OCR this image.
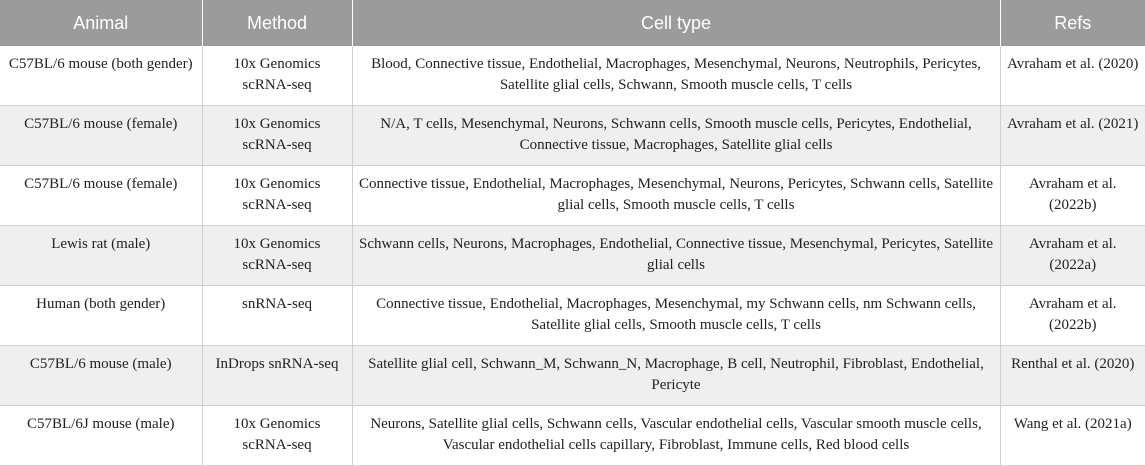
Animal	Method	Cell type	Refs
C57BL/6 mouse (both gender)	10x Genomics scRNA-seq	Blood, Connective tissue, Endothelial, Macrophages, Mesenchymal, Neurons, Neutrophils, Pericytes, Satellite glial cells, Schwann, Smooth muscle cells, T cells	Avraham et al. (2020)
C57BL/6 mouse (female)	10x Genomics scRNA-seq	N/A, T cells, Mesenchymal, Neurons, Schwann cells, Smooth muscle cells, Pericytes, Endothelial, Connective tissue, Macrophages, Satellite glial cells	Avraham et al. (2021)
C57BL/6 mouse (female)	10x Genomics scRNA-seq	Connective tissue, Endothelial, Macrophages, Mesenchymal, Neurons, Pericytes, Schwann cells, Satellite glial cells, Smooth muscle cells, T cells	Avraham et al. (2022b)
Lewis rat (male)	10x Genomics scRNA-seq	Schwann cells, Neurons, Macrophages, Endothelial, Connective tissue, Mesenchymal, Pericytes, Satellite glial cells	Avraham et al. (2022a)
Human (both gender)	snRNA-seq	Connective tissue, Endothelial, Macrophages, Mesenchymal, my Schwann cells, nm Schwann cells, Satellite glial cells, Smooth muscle cells, T cells	Avraham et al. (2022b)
C57BL/6 mouse (male)	InDrops snRNA-seq	Satellite glial cell, Schwann_M, Schwann_N, Macrophage, B cell, Neutrophil, Fibroblast, Endothelial, Pericyte	Renthal et al. (2020)
C57BL/6J mouse (male)	10x Genomics scRNA-seq	Neurons, Satellite glial cells, Schwann cells, Vascular endothelial cells, Vascular smooth muscle cells, Vascular endothelial cells capillary, Fibroblast, Immune cells, Red blood cells	Wang et al. (2021a)
